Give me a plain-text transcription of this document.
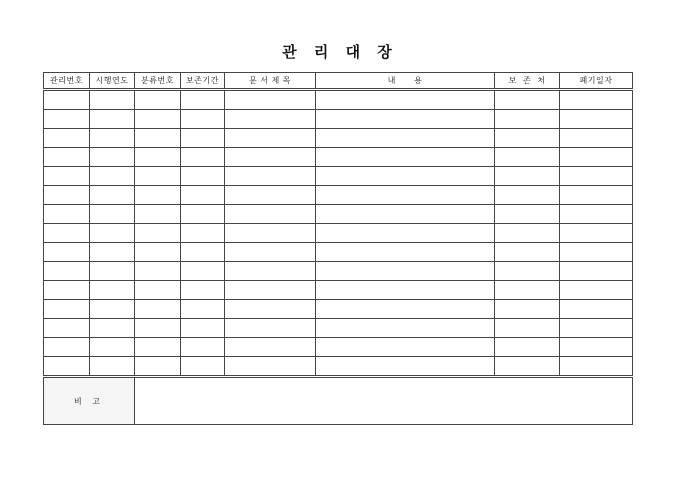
관 리 대 장
관리번호	시행연도	분류번호	보존기간	문 서 제 목	내      용	보  존  처	폐기일자

비 고							
